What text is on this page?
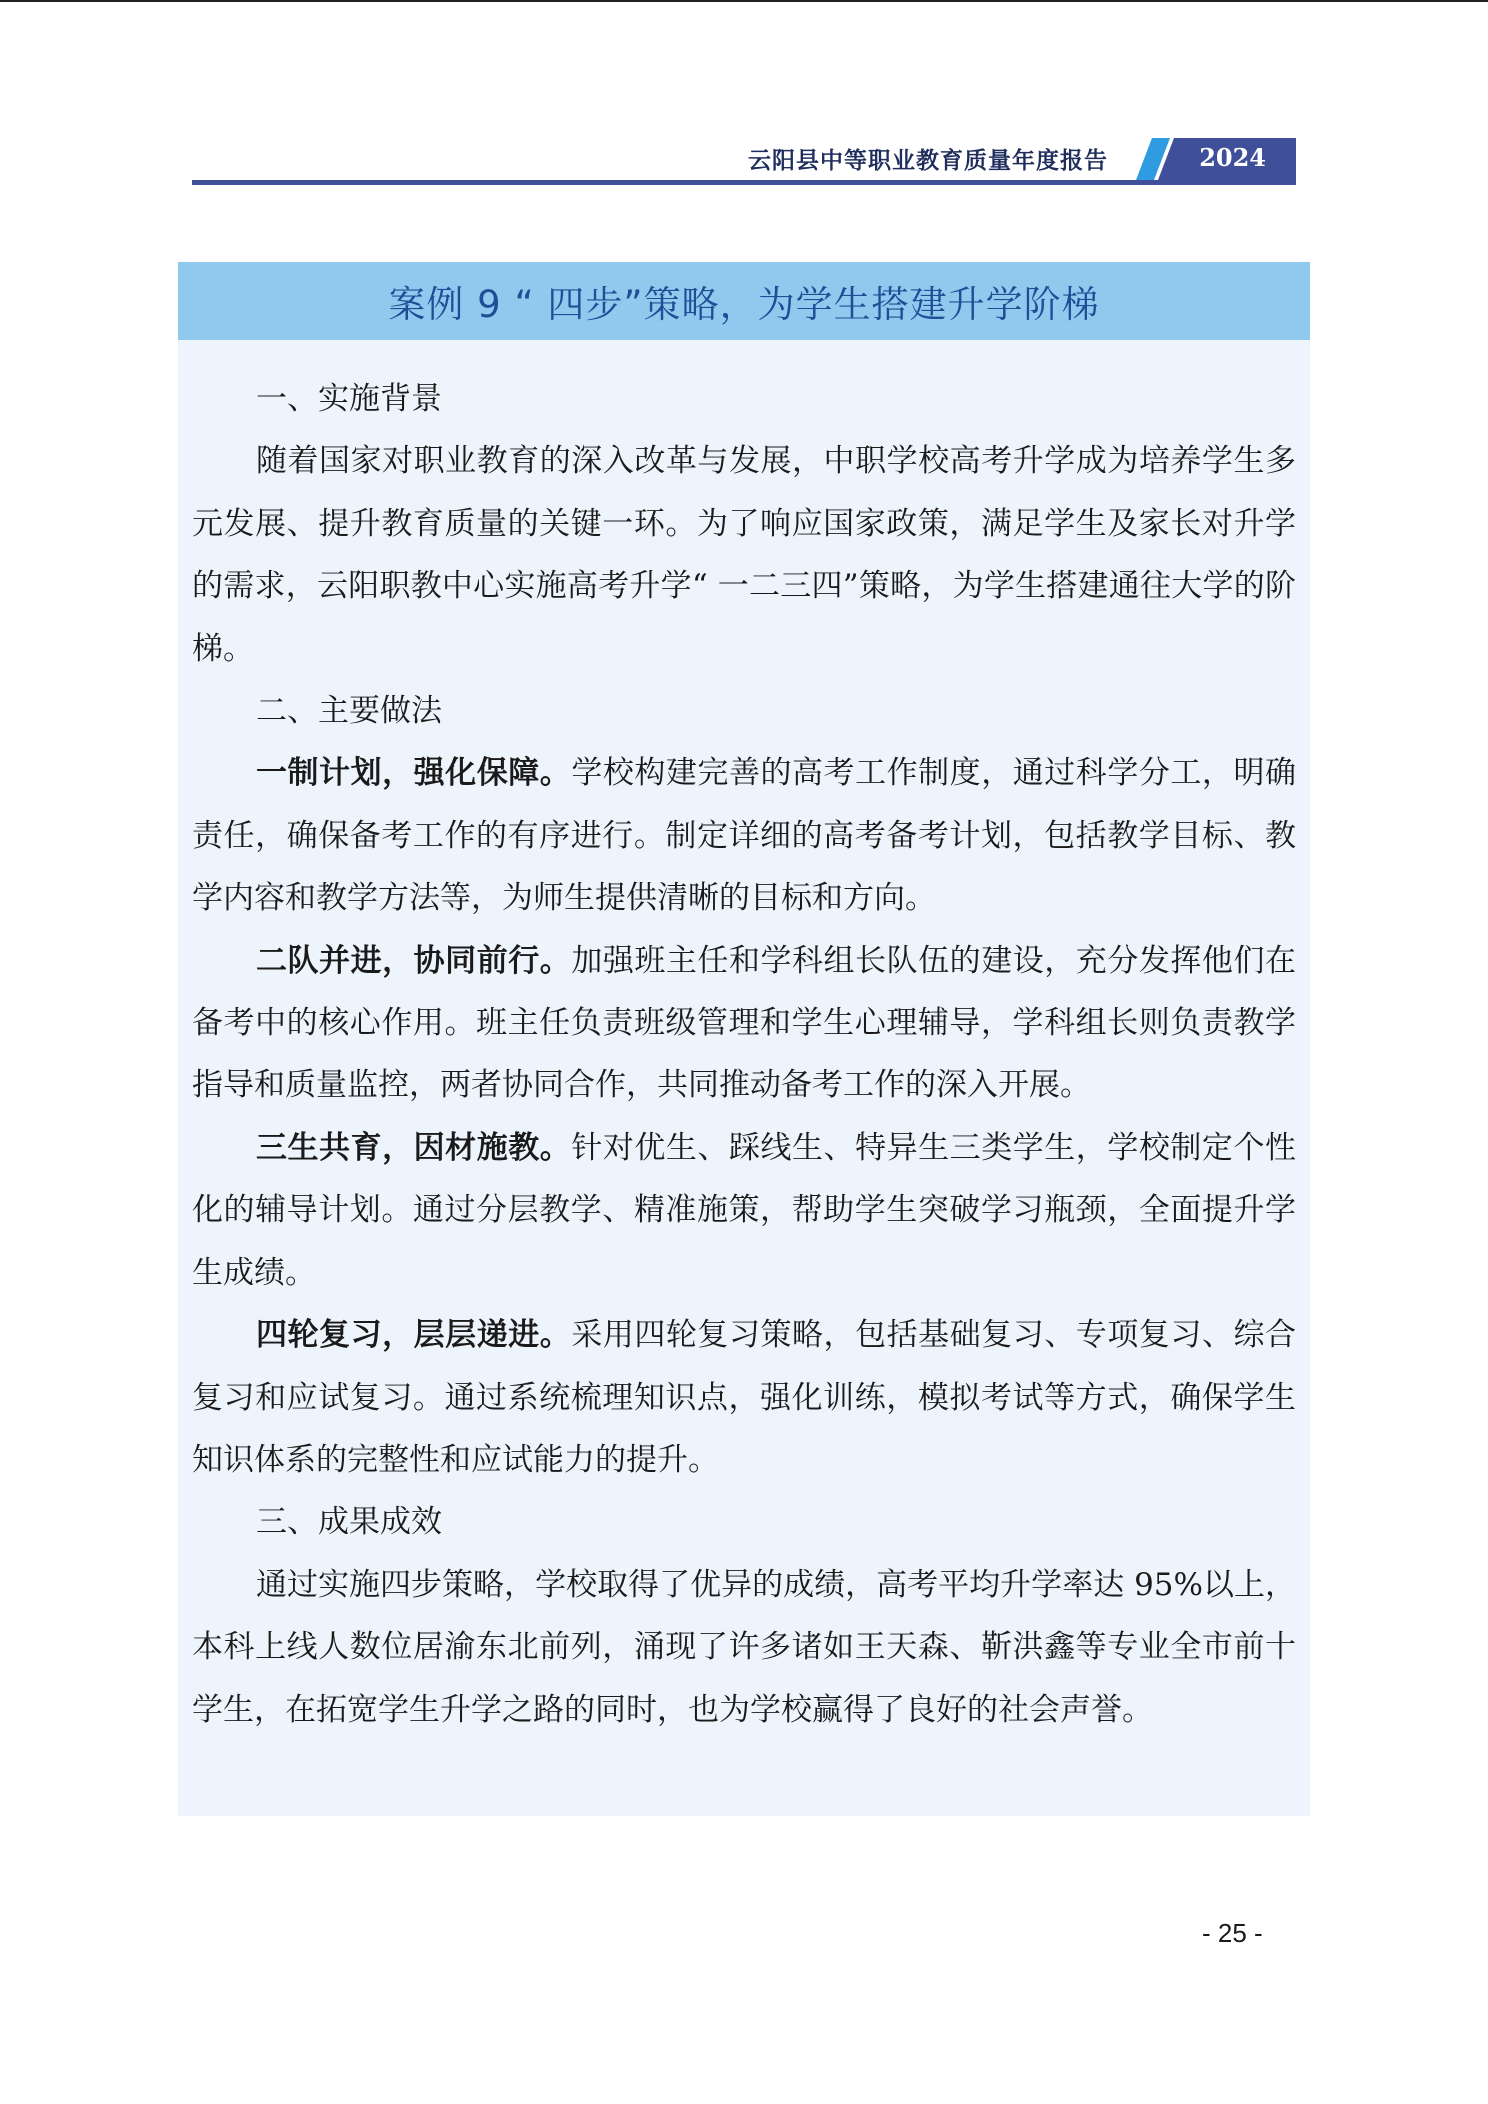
云阳县中等职业教育质量年度报告	2024
案例 9 “ 四步”策略，为学生搭建升学阶梯

一、实施背景

随着国家对职业教育的深入改革与发展，中职学校高考升学成为培养学生多元发展、提升教育质量的关键一环。为了响应国家政策，满足学生及家长对升学的需求，云阳职教中心实施高考升学“ 一二三四”策略，为学生搭建通往大学的阶梯。

二、主要做法

一制计划，强化保障。学校构建完善的高考工作制度，通过科学分工，明确责任，确保备考工作的有序进行。制定详细的高考备考计划，包括教学目标、教学内容和教学方法等，为师生提供清晰的目标和方向。

二队并进，协同前行。加强班主任和学科组长队伍的建设，充分发挥他们在备考中的核心作用。班主任负责班级管理和学生心理辅导，学科组长则负责教学指导和质量监控，两者协同合作，共同推动备考工作的深入开展。

三生共育，因材施教。针对优生、踩线生、特异生三类学生，学校制定个性化的辅导计划。通过分层教学、精准施策，帮助学生突破学习瓶颈，全面提升学生成绩。

四轮复习，层层递进。采用四轮复习策略，包括基础复习、专项复习、综合复习和应试复习。通过系统梳理知识点，强化训练，模拟考试等方式，确保学生知识体系的完整性和应试能力的提升。

三、成果成效

通过实施四步策略，学校取得了优异的成绩，高考平均升学率达 95%以上，本科上线人数位居渝东北前列，涌现了许多诸如王天森、靳洪鑫等专业全市前十学生，在拓宽学生升学之路的同时，也为学校赢得了良好的社会声誉。

- 25 -
